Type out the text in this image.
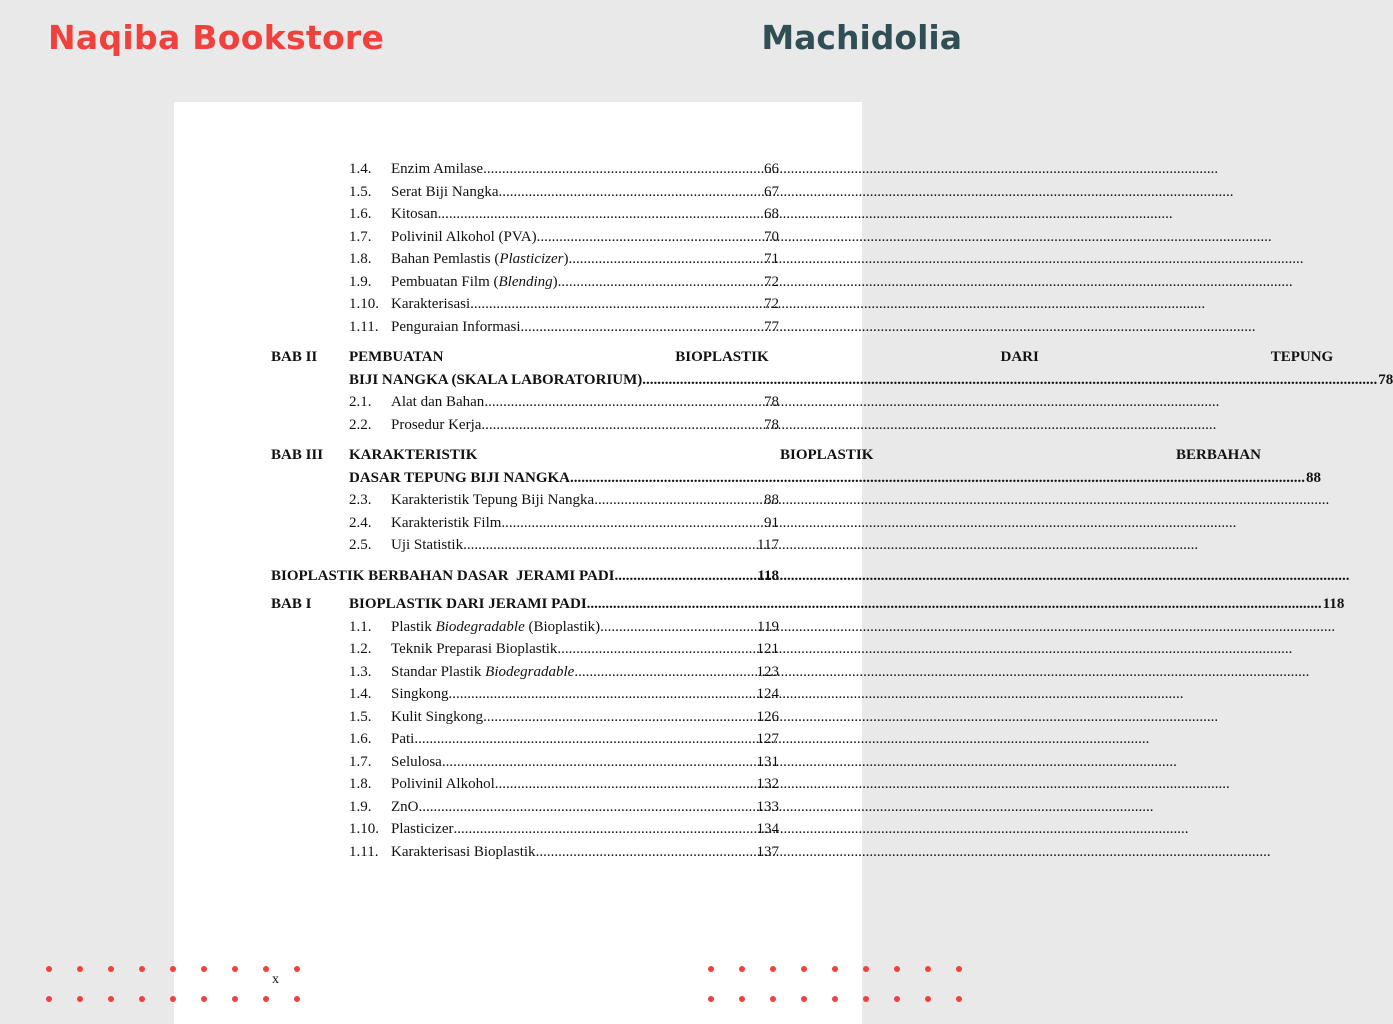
Naqiba Bookstore	Machidolia
1.4.	Enzim Amilase .....	66
1.5.	Serat Biji Nangka .....	67
1.6.	Kitosan .....	68
1.7.	Polivinil Alkohol (PVA) .....	70
1.8.	Bahan Pemlastis (Plasticizer) .....	71
1.9.	Pembuatan Film (Blending) .....	72
1.10. Karakterisasi .....	72
1.11. Penguraian Informasi .....	77
BAB II	PEMBUATAN	BIOPLASTIK	DARI	TEPUNG
BIJI NANGKA (SKALA LABORATORIUM) .....	78
2.1.	Alat dan Bahan .....	78
2.2.	Prosedur Kerja .....	78
BAB III	KARAKTERISTIK	BIOPLASTIK	BERBAHAN
DASAR TEPUNG BIJI NANGKA .....	88
2.3.	Karakteristik Tepung Biji Nangka .....	88
2.4.	Karakteristik Film .....	91
2.5.	Uji Statistik .....	117
BIOPLASTIK BERBAHAN DASAR  JERAMI PADI .....	118
BAB I	BIOPLASTIK DARI JERAMI PADI .....	118
1.1.	Plastik Biodegradable (Bioplastik) .....	119
1.2.	Teknik Preparasi Bioplastik .....	121
1.3.	Standar Plastik Biodegradable .....	123
1.4.	Singkong .....	124
1.5.	Kulit Singkong .....	126
1.6.	Pati .....	127
1.7.	Selulosa .....	131
1.8.	Polivinil Alkohol .....	132
1.9.	ZnO .....	133
1.10. Plasticizer .....	134
1.11. Karakterisasi Bioplastik .....	137
x
